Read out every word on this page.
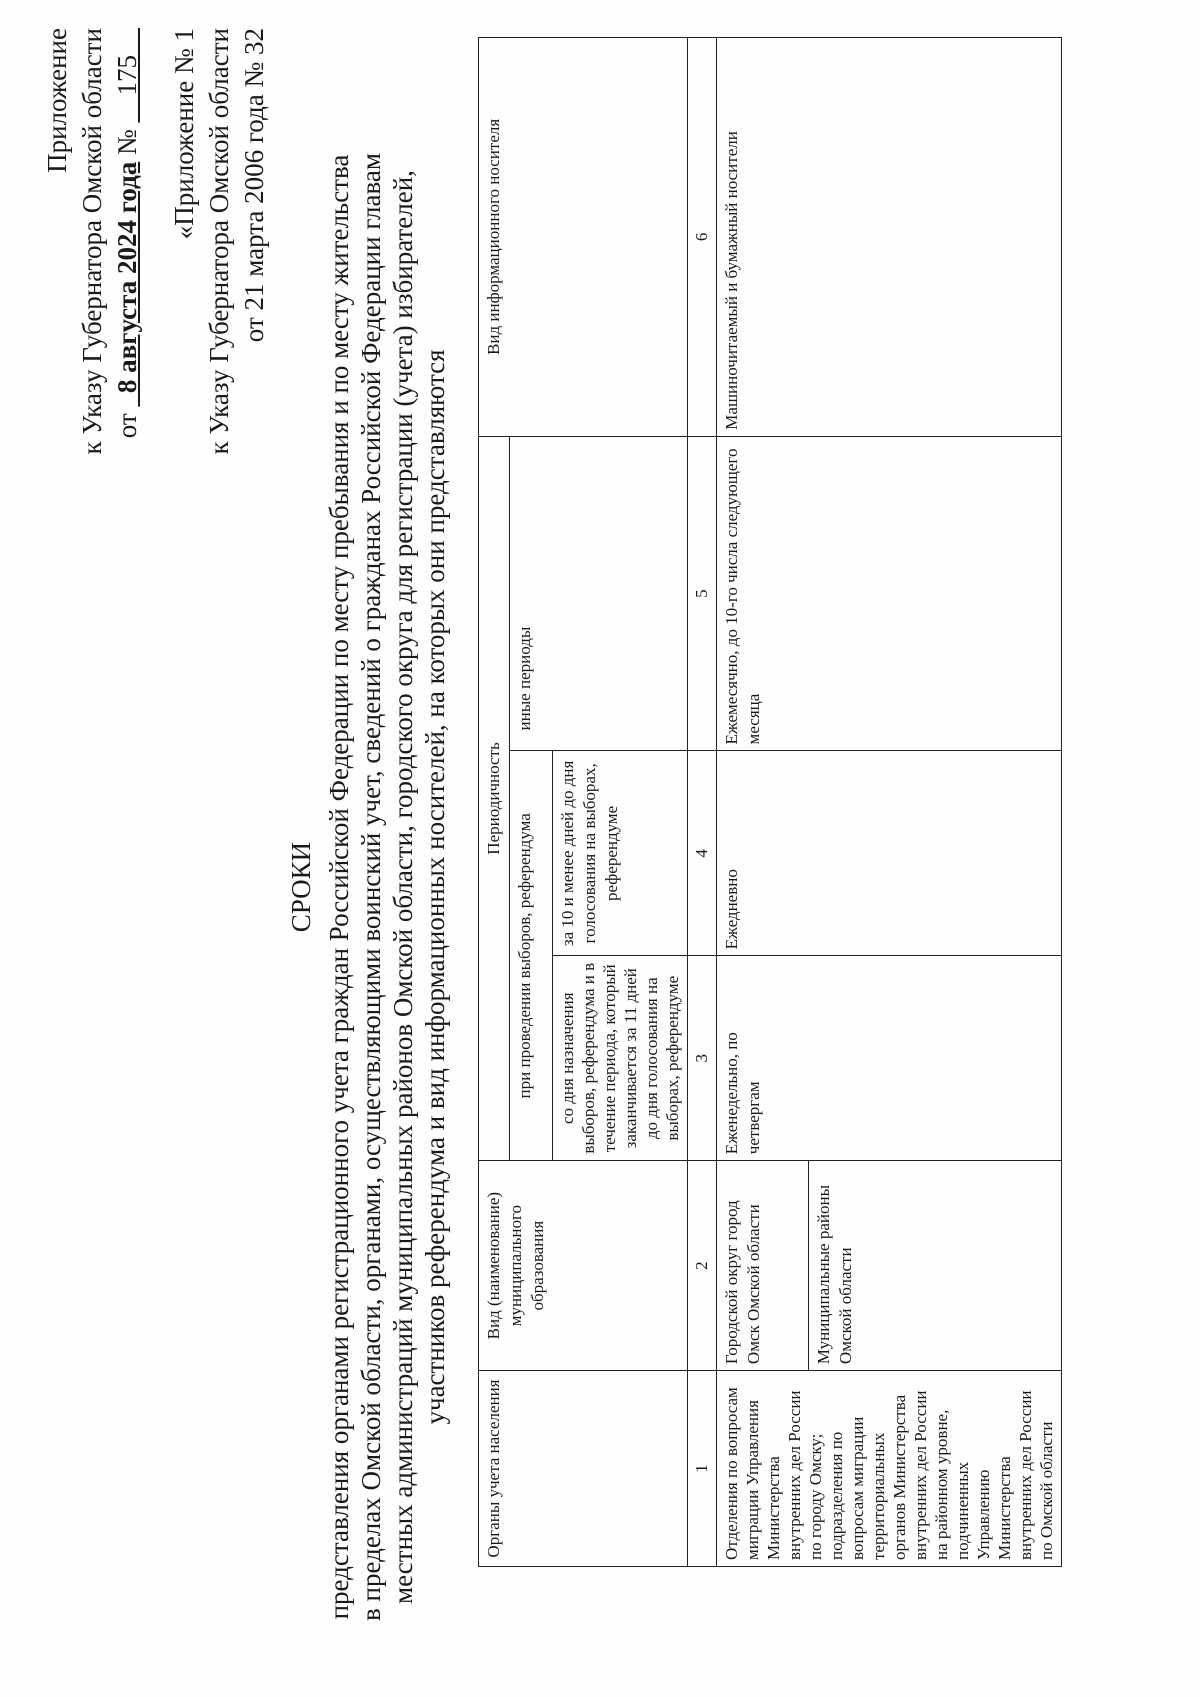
Приложение к Указу Губернатора Омской области от   8 августа 2024 года №     175 «Приложение № 1 к Указу Губернатора Омской области от 21 марта 2006 года № 32
СРОКИ представления органами регистрационного учета граждан Российской Федерации по месту пребывания и по месту жительства в пределах Омской области, органами, осуществляющими воинский учет, сведений о гражданах Российской Федерации главам местных администраций муниципальных районов Омской области, городского округа для регистрации (учета) избирателей, участников референдума и вид информационных носителей, на которых они представляются
Органы учета населения	Вид (наименование) муниципального образования	Периодичность			Вид информационного носителя
		при проведении выборов, референдума		иные периоды	
		со дня назначения выборов, референдума и в течение периода, который заканчивается за 11 дней до дня голосования на выборах, референдуме	за 10 и менее дней до дня голосования на выборах, референдуме		
1	2	3	4	5	6
Отделения по вопросам миграции Управления Министерства внутренних дел России по городу Омску; подразделения по вопросам миграции территориальных органов Министерства внутренних дел России на районном уровне, подчиненных Управлению Министерства внутренних дел России по Омской области	Городской округ город Омск Омской области	Еженедельно, по четвергам	Ежедневно	Ежемесячно, до 10-го числа следующего месяца	Машиночитаемый и бумажный носители
	Муниципальные районы Омской области				
